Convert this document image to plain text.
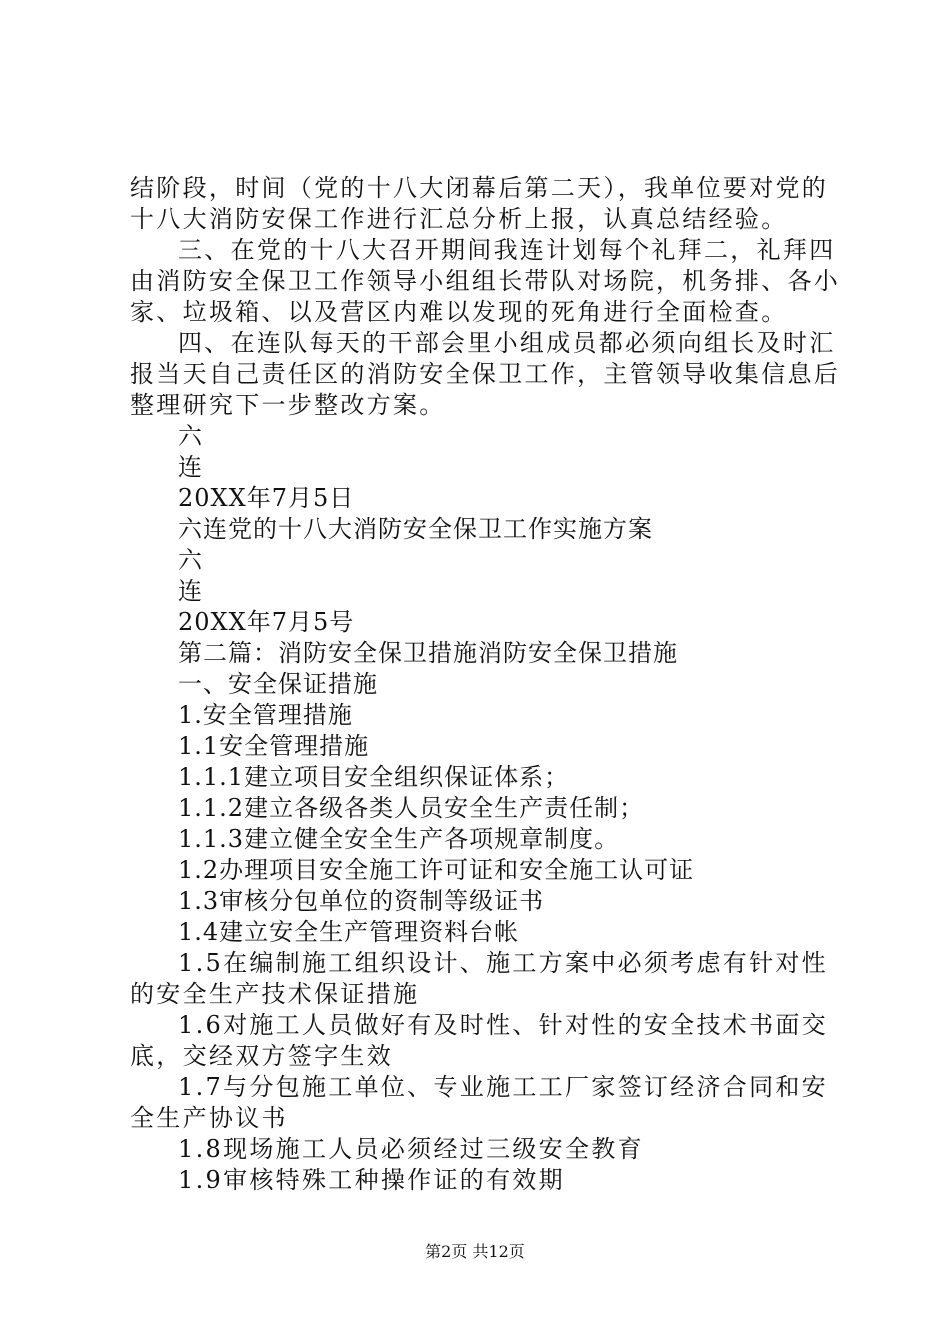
结阶段，时间（党的十八大闭幕后第二天），我单位要对党的
十八大消防安保工作进行汇总分析上报，认真总结经验。
三、在党的十八大召开期间我连计划每个礼拜二，礼拜四
由消防安全保卫工作领导小组组长带队对场院，机务排、各小
家、垃圾箱、以及营区内难以发现的死角进行全面检查。
四、在连队每天的干部会里小组成员都必须向组长及时汇
报当天自己责任区的消防安全保卫工作，主管领导收集信息后
整理研究下一步整改方案。
六
连
20XX年7月5日
六连党的十八大消防安全保卫工作实施方案
六
连
20XX年7月5号
第二篇：消防安全保卫措施消防安全保卫措施
一、安全保证措施
1.安全管理措施
1.1安全管理措施
1.1.1建立项目安全组织保证体系；
1.1.2建立各级各类人员安全生产责任制；
1.1.3建立健全安全生产各项规章制度。
1.2办理项目安全施工许可证和安全施工认可证
1.3审核分包单位的资制等级证书
1.4建立安全生产管理资料台帐
1.5在编制施工组织设计、施工方案中必须考虑有针对性
的安全生产技术保证措施
1.6对施工人员做好有及时性、针对性的安全技术书面交
底，交经双方签字生效
1.7与分包施工单位、专业施工工厂家签订经济合同和安
全生产协议书
1.8现场施工人员必须经过三级安全教育
1.9审核特殊工种操作证的有效期
第2页 共12页
